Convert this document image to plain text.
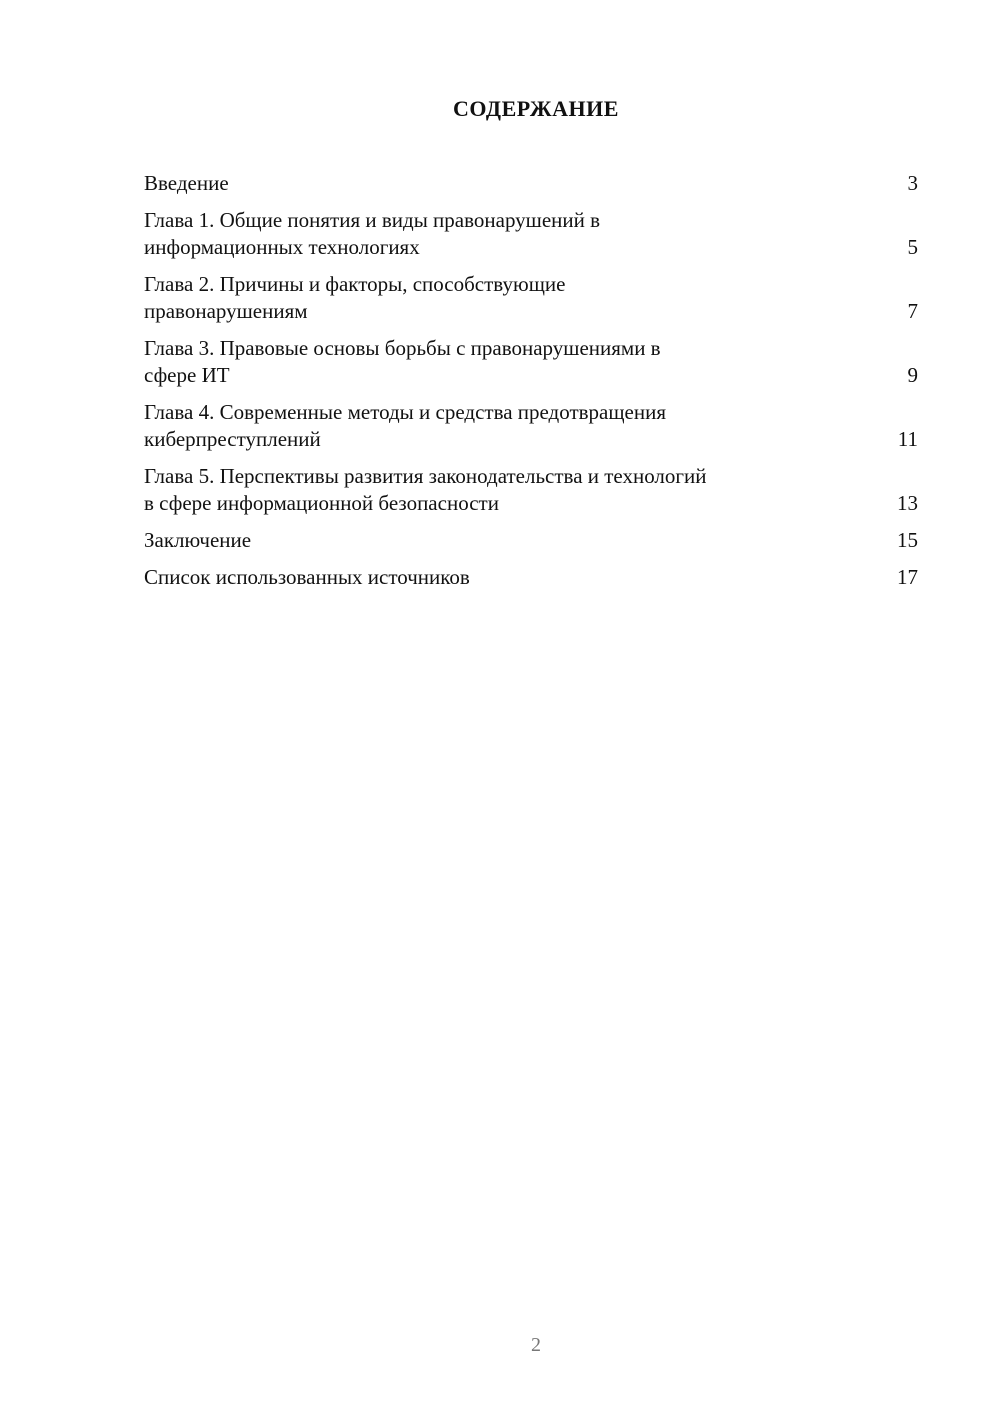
СОДЕРЖАНИЕ
Введение	3
Глава 1. Общие понятия и виды правонарушений в
информационных технологиях	5
Глава 2. Причины и факторы, способствующие
правонарушениям	7
Глава 3. Правовые основы борьбы с правонарушениями в
сфере ИТ	9
Глава 4. Современные методы и средства предотвращения
киберпреступлений	11
Глава 5. Перспективы развития законодательства и технологий
в сфере информационной безопасности	13
Заключение	15
Список использованных источников	17
2
